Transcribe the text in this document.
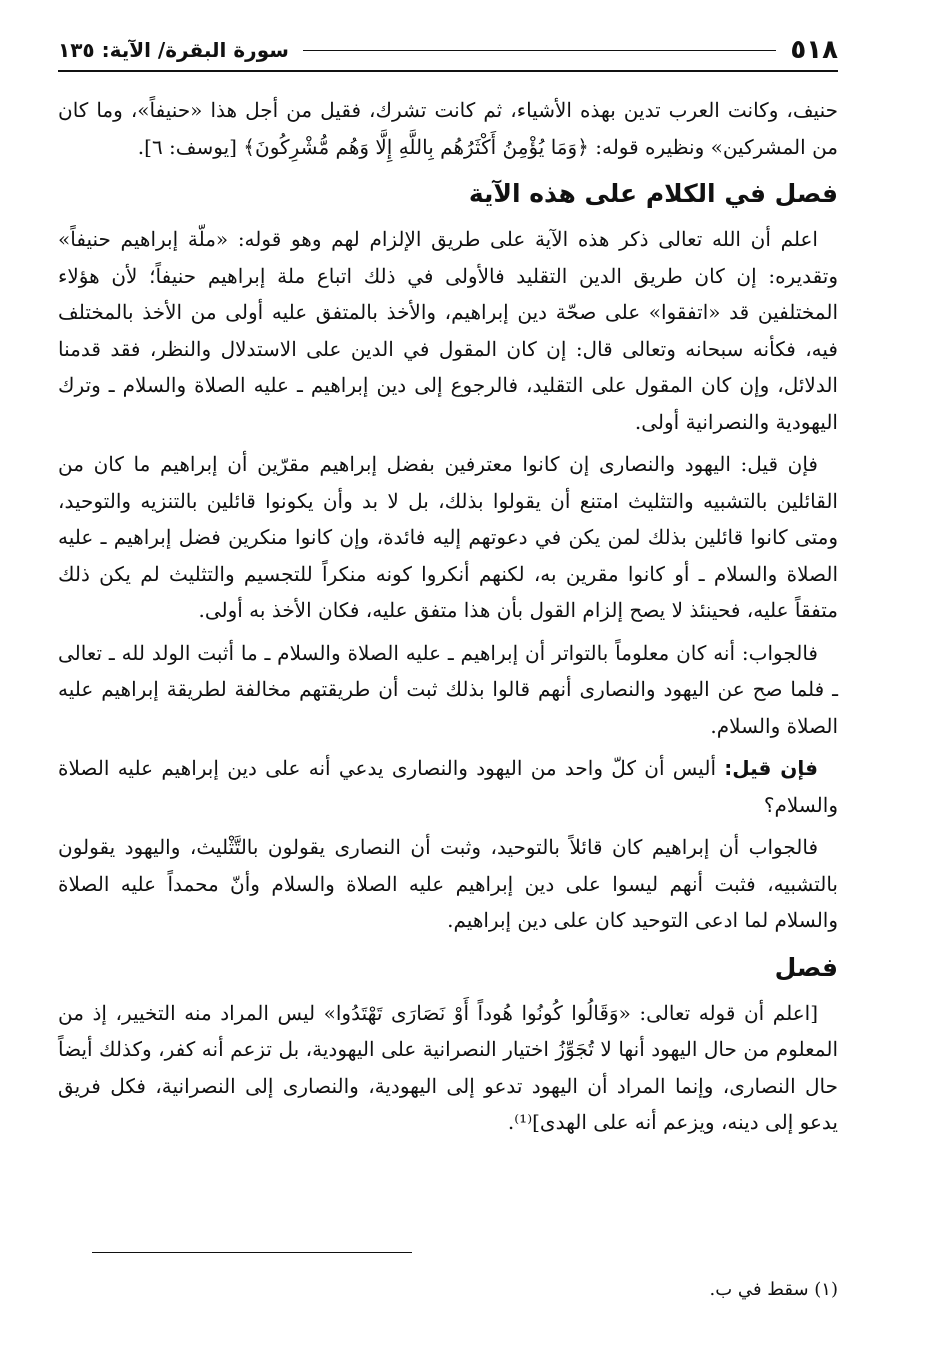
٥١٨
سورة البقرة/ الآية: ١٣٥

حنيف، وكانت العرب تدين بهذه الأشياء، ثم كانت تشرك، فقيل من أجل هذا «حنيفاً»، وما كان من المشركين» ونظيره قوله: ﴿وَمَا يُؤْمِنُ أَكْثَرُهُم بِاللَّهِ إِلَّا وَهُم مُّشْرِكُونَ﴾ [يوسف: ٦].

فصل في الكلام على هذه الآية

اعلم أن الله تعالى ذكر هذه الآية على طريق الإلزام لهم وهو قوله: «ملّة إبراهيم حنيفاً» وتقديره: إن كان طريق الدين التقليد فالأولى في ذلك اتباع ملة إبراهيم حنيفاً؛ لأن هؤلاء المختلفين قد «اتفقوا» على صحّة دين إبراهيم، والأخذ بالمتفق عليه أولى من الأخذ بالمختلف فيه، فكأنه سبحانه وتعالى قال: إن كان المقول في الدين على الاستدلال والنظر، فقد قدمنا الدلائل، وإن كان المقول على التقليد، فالرجوع إلى دين إبراهيم ـ عليه الصلاة والسلام ـ وترك اليهودية والنصرانية أولى.

فإن قيل: اليهود والنصارى إن كانوا معترفين بفضل إبراهيم مقرّين أن إبراهيم ما كان من القائلين بالتشبيه والتثليث امتنع أن يقولوا بذلك، بل لا بد وأن يكونوا قائلين بالتنزيه والتوحيد، ومتى كانوا قائلين بذلك لمن يكن في دعوتهم إليه فائدة، وإن كانوا منكرين فضل إبراهيم ـ عليه الصلاة والسلام ـ أو كانوا مقرين به، لكنهم أنكروا كونه منكراً للتجسيم والتثليث لم يكن ذلك متفقاً عليه، فحينئذ لا يصح إلزام القول بأن هذا متفق عليه، فكان الأخذ به أولى.

فالجواب: أنه كان معلوماً بالتواتر أن إبراهيم ـ عليه الصلاة والسلام ـ ما أثبت الولد لله ـ تعالى ـ فلما صح عن اليهود والنصارى أنهم قالوا بذلك ثبت أن طريقتهم مخالفة لطريقة إبراهيم عليه الصلاة والسلام.

فإن قيل: أليس أن كلّ واحد من اليهود والنصارى يدعي أنه على دين إبراهيم عليه الصلاة والسلام؟

فالجواب أن إبراهيم كان قائلاً بالتوحيد، وثبت أن النصارى يقولون بالتَّثْليث، واليهود يقولون بالتشبيه، فثبت أنهم ليسوا على دين إبراهيم عليه الصلاة والسلام وأنّ محمداً عليه الصلاة والسلام لما ادعى التوحيد كان على دين إبراهيم.

فصل

[اعلم أن قوله تعالى: «وَقَالُوا كُونُوا هُوداً أَوْ نَصَارَى تَهْتَدُوا» ليس المراد منه التخيير، إذ من المعلوم من حال اليهود أنها لا تُجَوِّزُ اختيار النصرانية على اليهودية، بل تزعم أنه كفر، وكذلك أيضاً حال النصارى، وإنما المراد أن اليهود تدعو إلى اليهودية، والنصارى إلى النصرانية، فكل فريق يدعو إلى دينه، ويزعم أنه على الهدى]⁽¹⁾.

(١) سقط في ب.
